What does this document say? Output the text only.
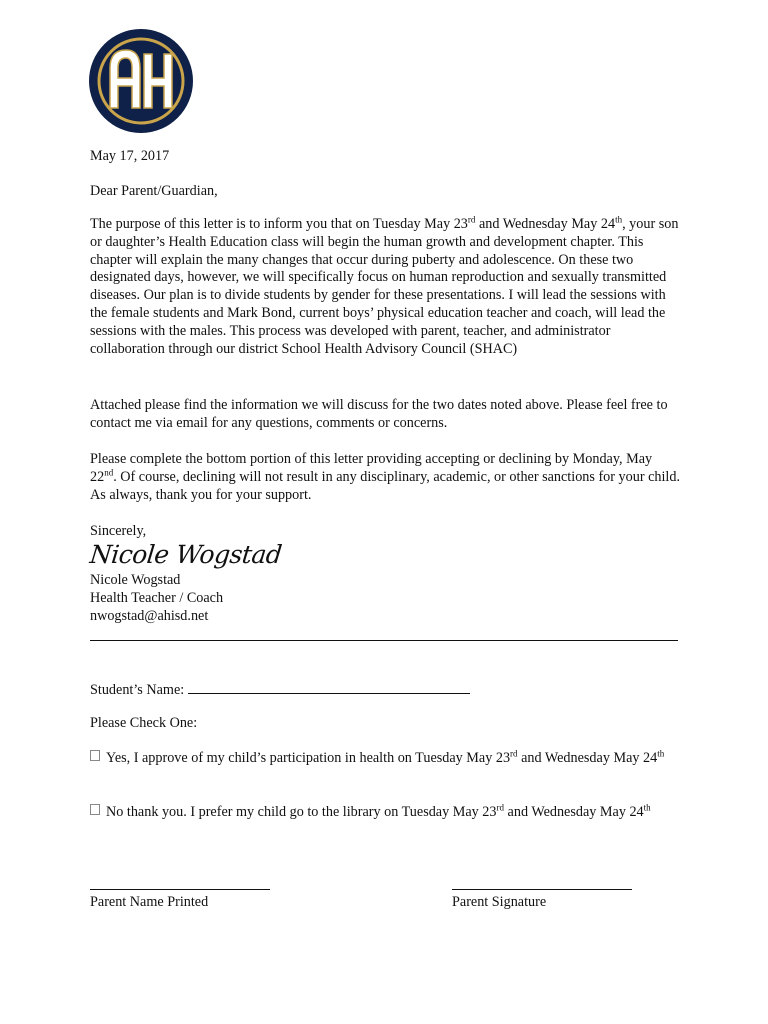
May 17, 2017

Dear Parent/Guardian,

The purpose of this letter is to inform you that on Tuesday May 23rd and Wednesday May 24th, your son or daughter’s Health Education class will begin the human growth and development chapter. This chapter will explain the many changes that occur during puberty and adolescence. On these two designated days, however, we will specifically focus on human reproduction and sexually transmitted diseases. Our plan is to divide students by gender for these presentations. I will lead the sessions with the female students and Mark Bond, current boys’ physical education teacher and coach, will lead the sessions with the males. This process was developed with parent, teacher, and administrator collaboration through our district School Health Advisory Council (SHAC)

Attached please find the information we will discuss for the two dates noted above. Please feel free to contact me via email for any questions, comments or concerns.

Please complete the bottom portion of this letter providing accepting or declining by Monday, May 22nd. Of course, declining will not result in any disciplinary, academic, or other sanctions for your child. As always, thank you for your support.

Sincerely,

Nicole Wogstad

Nicole Wogstad

Health Teacher / Coach

nwogstad@ahisd.net

Student’s Name:

Please Check One:

Yes, I approve of my child’s participation in health on Tuesday May 23rd and Wednesday May 24th

No thank you. I prefer my child go to the library on Tuesday May 23rd and Wednesday May 24th

Parent Name Printed	Parent Signature
